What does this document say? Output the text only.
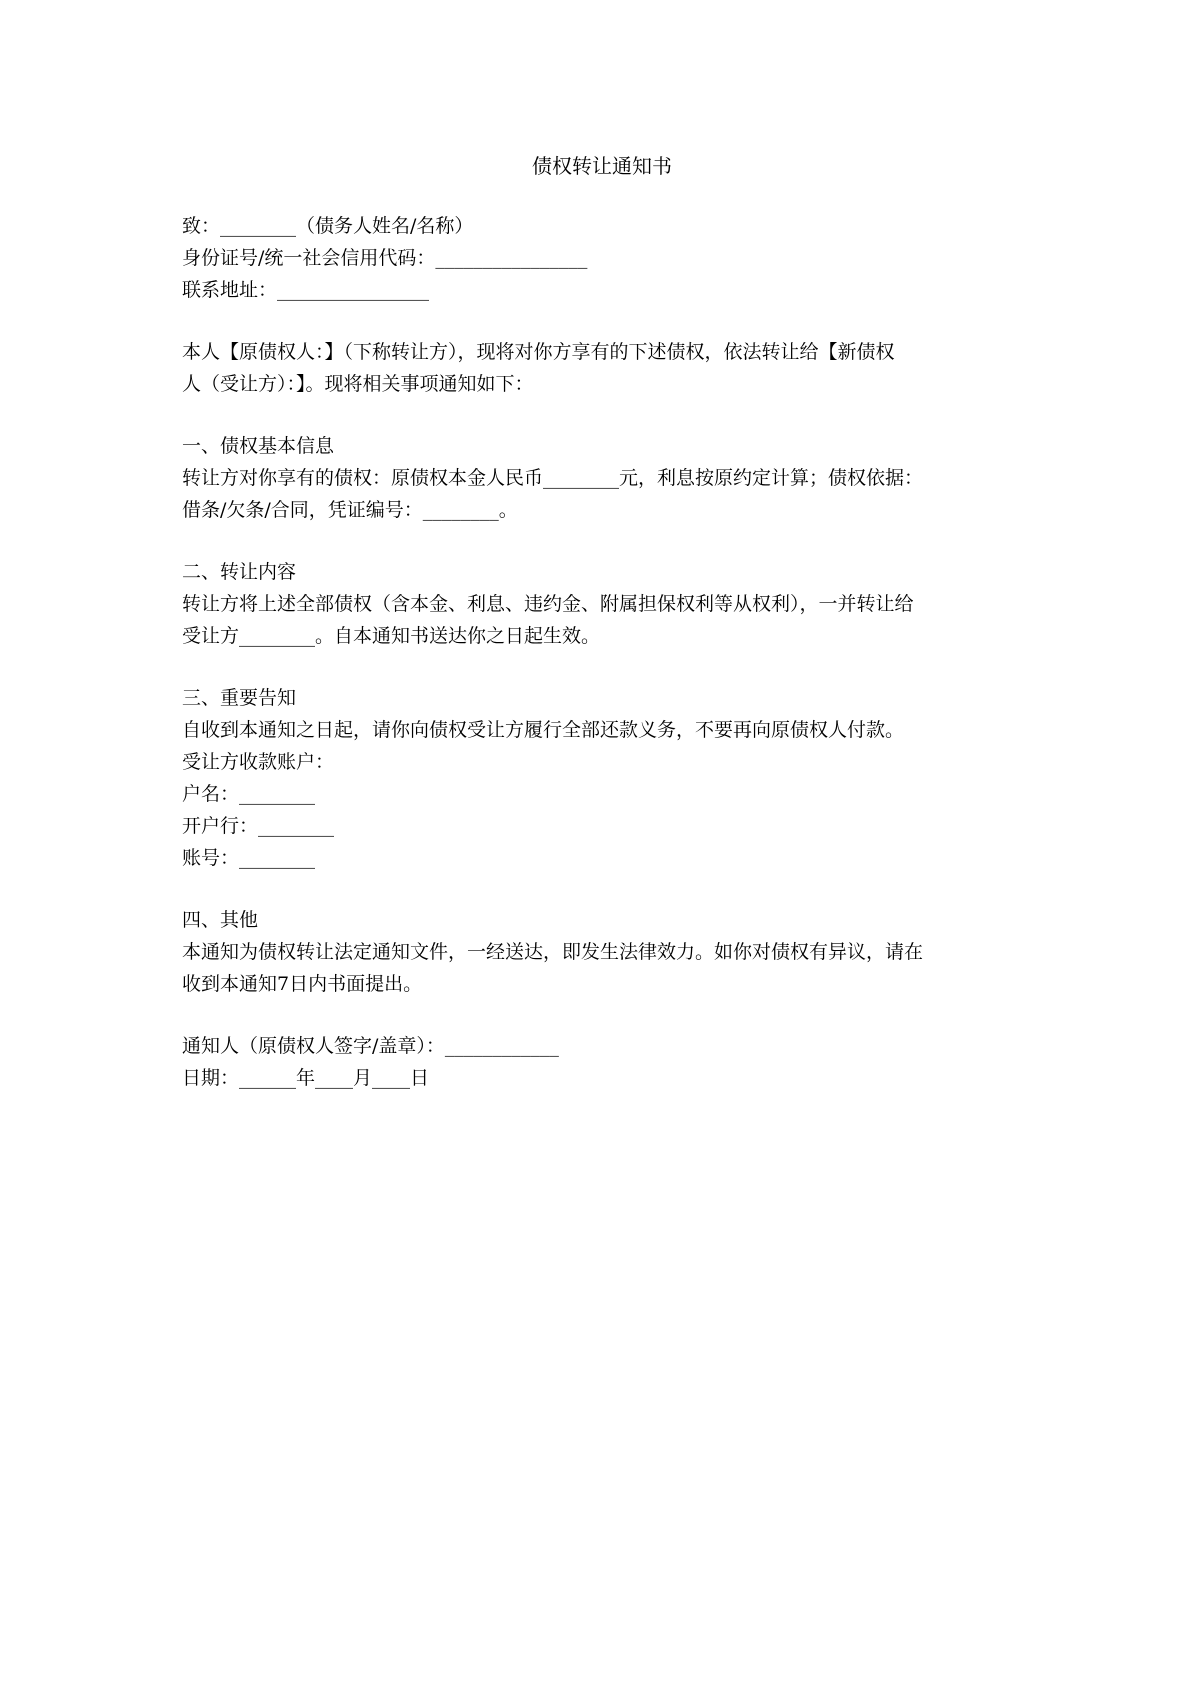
债权转让通知书
致：________（债务人姓名/名称）
身份证号/统一社会信用代码：________________
联系地址：________________
本人【原债权人：】（下称转让方），现将对你方享有的下述债权，依法转让给【新债权
人（受让方）：】。现将相关事项通知如下：
一、债权基本信息
转让方对你享有的债权：原债权本金人民币________元，利息按原约定计算；债权依据：
借条/欠条/合同，凭证编号：________。
二、转让内容
转让方将上述全部债权（含本金、利息、违约金、附属担保权利等从权利），一并转让给
受让方________。自本通知书送达你之日起生效。
三、重要告知
自收到本通知之日起，请你向债权受让方履行全部还款义务，不要再向原债权人付款。
受让方收款账户：
户名：________
开户行：________
账号：________
四、其他
本通知为债权转让法定通知文件，一经送达，即发生法律效力。如你对债权有异议，请在
收到本通知7日内书面提出。
通知人（原债权人签字/盖章）：____________
日期：______年____月____日
